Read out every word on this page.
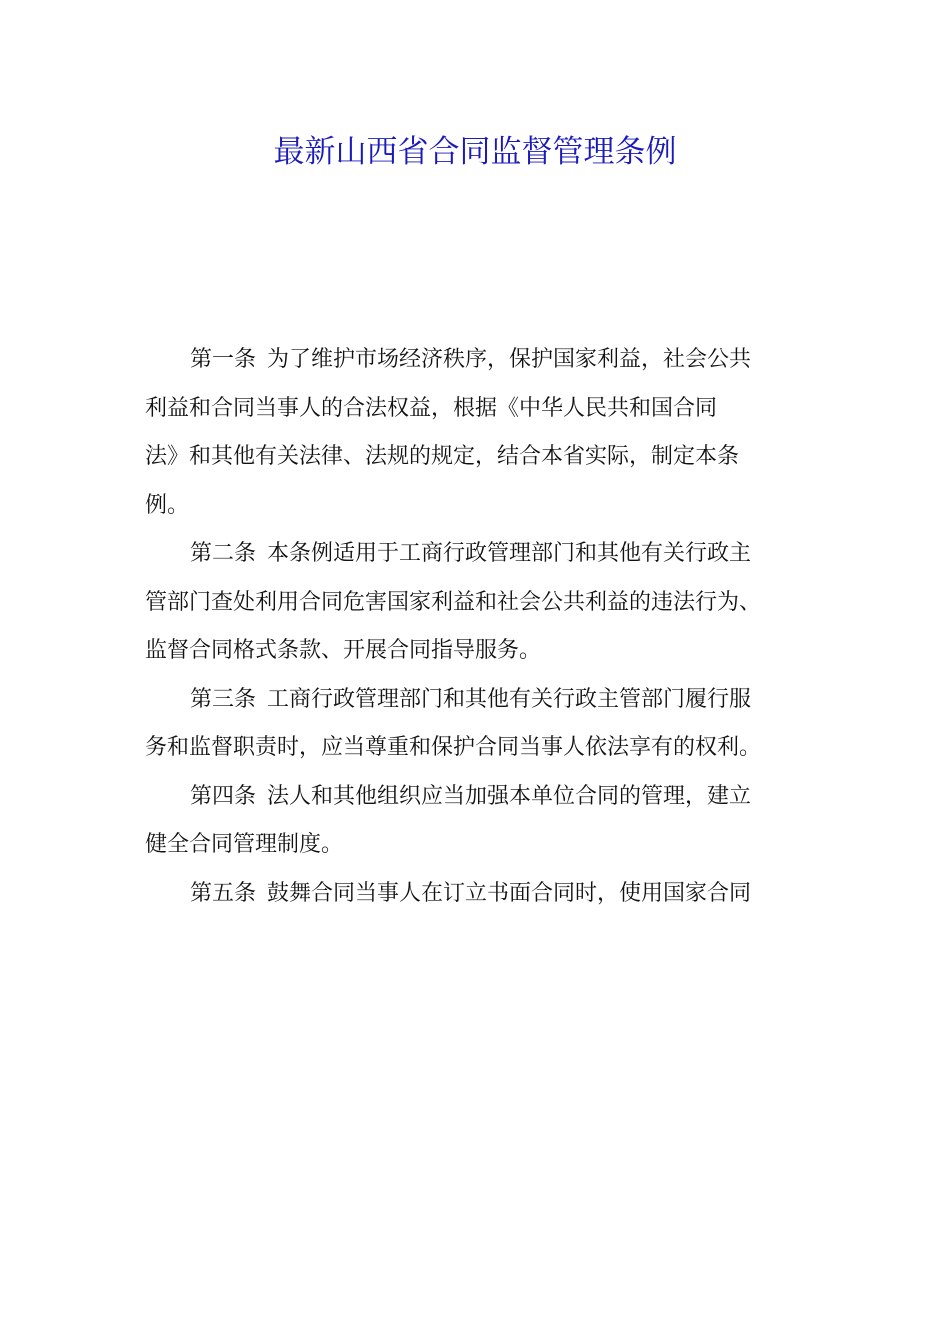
最新山西省合同监督管理条例
第一条 为了维护市场经济秩序，保护国家利益，社会公共
利益和合同当事人的合法权益，根据《中华人民共和国合同
法》和其他有关法律、法规的规定，结合本省实际，制定本条
例。
第二条 本条例适用于工商行政管理部门和其他有关行政主
管部门查处利用合同危害国家利益和社会公共利益的违法行为、
监督合同格式条款、开展合同指导服务。
第三条 工商行政管理部门和其他有关行政主管部门履行服
务和监督职责时，应当尊重和保护合同当事人依法享有的权利。
第四条 法人和其他组织应当加强本单位合同的管理，建立
健全合同管理制度。
第五条 鼓舞合同当事人在订立书面合同时，使用国家合同
